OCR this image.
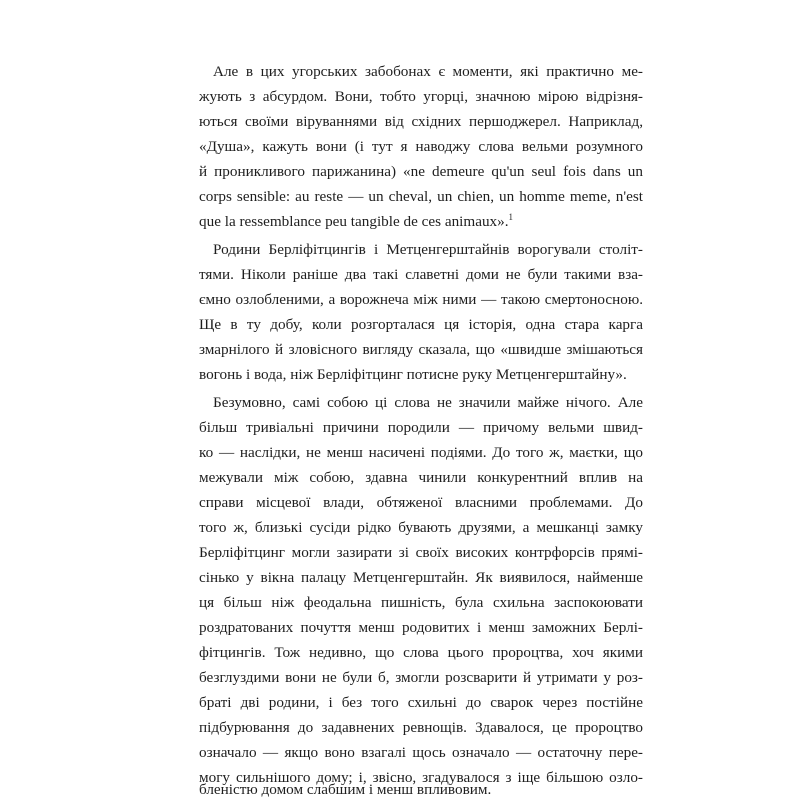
Але в цих угорських забобонах є моменти, які практично ме-
жують з абсурдом. Вони, тобто угорці, значною мірою відрізня-
ються своїми віруваннями від східних першоджерел. Наприклад,
«Душа», кажуть вони (і тут я наводжу слова вельми розумного
й проникливого парижанина) «ne demeure qu'un seul fois dans un
corps sensible: au reste — un cheval, un chien, un homme meme, n'est
que la ressemblance peu tangible de ces animaux».$^1$
Родини Берліфітцингів і Метценгерштайнів ворогували століт-
тями. Ніколи раніше два такі славетні доми не були такими вза-
ємно озлобленими, а ворожнеча між ними — такою смертоносною.
Ще в ту добу, коли розгорталася ця історія, одна стара карга
змарнілого й зловісного вигляду сказала, що «швидше змішаються
вогонь і вода, ніж Берліфітцинг потисне руку Метценгерштайну».
Безумовно, самі собою ці слова не значили майже нічого. Але
більш тривіальні причини породили — причому вельми швид-
ко — наслідки, не менш насичені подіями. До того ж, маєтки, що
межували між собою, здавна чинили конкурентний вплив на
справи місцевої влади, обтяженої власними проблемами. До
того ж, близькі сусіди рідко бувають друзями, а мешканці замку
Берліфітцинг могли зазирати зі своїх високих контрфорсів прямі-
сінько у вікна палацу Метценгерштайн. Як виявилося, найменше
ця більш ніж феодальна пишність, була схильна заспокоювати
роздратованих почуття менш родовитих і менш заможних Берлі-
фітцингів. Тож недивно, що слова цього пророцтва, хоч якими
безглуздими вони не були б, змогли розсварити й утримати у роз-
браті дві родини, і без того схильні до сварок через постійне
підбурювання до задавнених ревнощів. Здавалося, це пророцтво
означало — якщо воно взагалі щось означало — остаточну пере-
могу сильнішого дому; і, звісно, згадувалося з іще більшою озло-
бленістю домом слабшим і менш впливовим.
